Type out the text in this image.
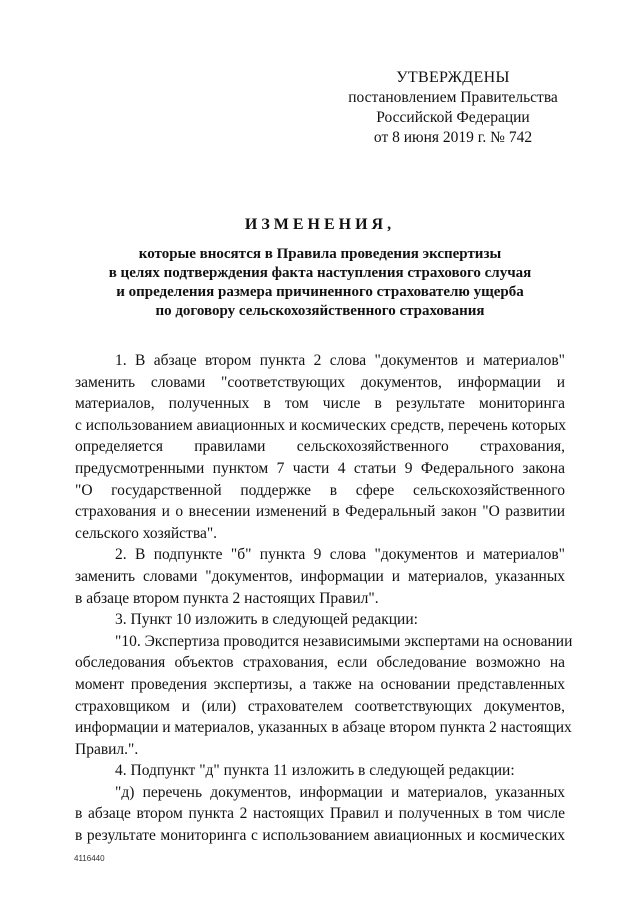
УТВЕРЖДЕНЫ
постановлением Правительства
Российской Федерации
от 8 июня 2019 г. № 742
ИЗМЕНЕНИЯ,
которые вносятся в Правила проведения экспертизы
в целях подтверждения факта наступления страхового случая
и определения размера причиненного страхователю ущерба
по договору сельскохозяйственного страхования
1. В абзаце втором пункта 2 слова "документов и материалов"
заменить словами "соответствующих документов, информации и
материалов, полученных в том числе в результате мониторинга
с использованием авиационных и космических средств, перечень которых
определяется правилами сельскохозяйственного страхования,
предусмотренными пунктом 7 части 4 статьи 9 Федерального закона
"О государственной поддержке в сфере сельскохозяйственного
страхования и о внесении изменений в Федеральный закон "О развитии
сельского хозяйства".
2. В подпункте "б" пункта 9 слова "документов и материалов"
заменить словами "документов, информации и материалов, указанных
в абзаце втором пункта 2 настоящих Правил".
3. Пункт 10 изложить в следующей редакции:
"10. Экспертиза проводится независимыми экспертами на основании
обследования объектов страхования, если обследование возможно на
момент проведения экспертизы, а также на основании представленных
страховщиком и (или) страхователем соответствующих документов,
информации и материалов, указанных в абзаце втором пункта 2 настоящих
Правил.".
4. Подпункт "д" пункта 11 изложить в следующей редакции:
"д) перечень документов, информации и материалов, указанных
в абзаце втором пункта 2 настоящих Правил и полученных в том числе
в результате мониторинга с использованием авиационных и космических
4116440
